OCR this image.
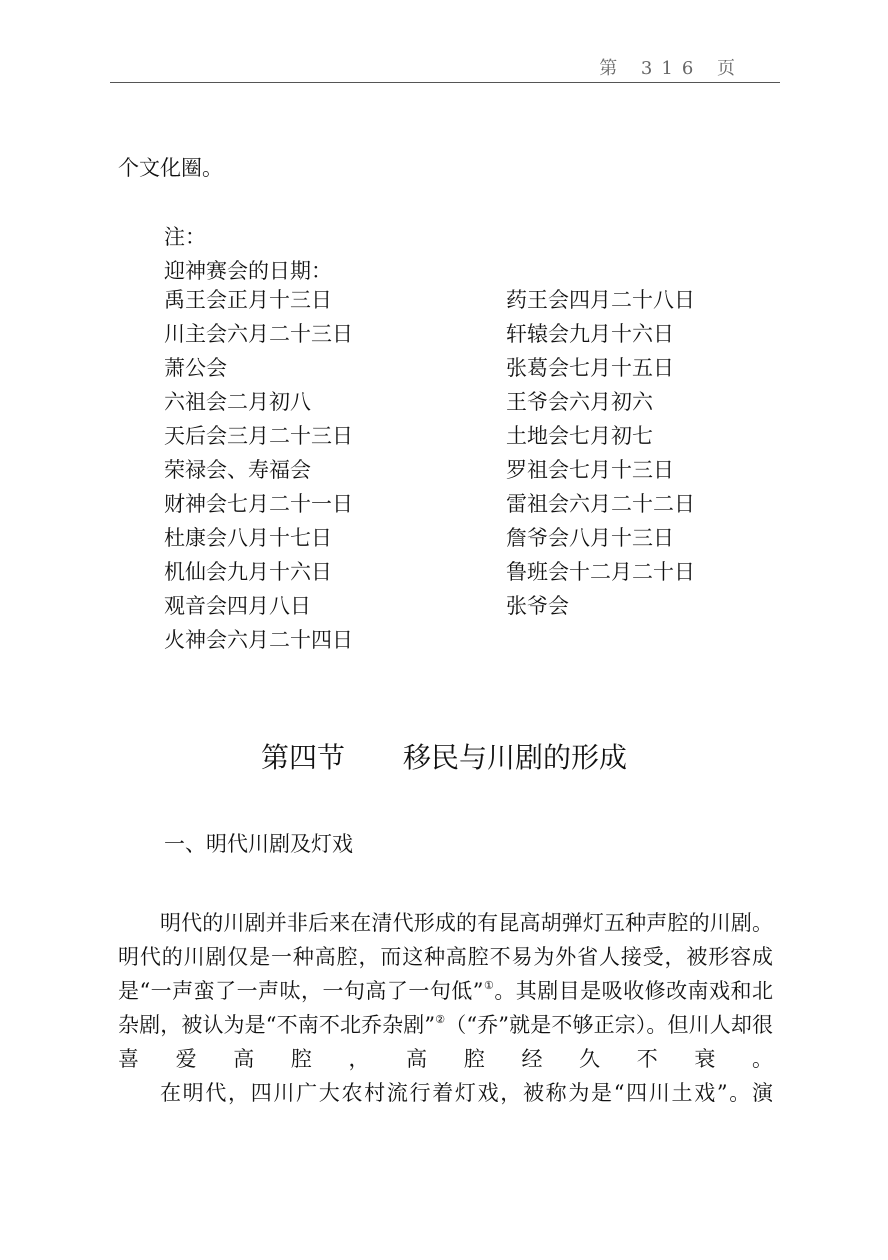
第 316 页
个文化圈。
注：
迎神赛会的日期：
禹王会正月十三日
川主会六月二十三日
萧公会
六祖会二月初八
天后会三月二十三日
荣禄会、寿福会
财神会七月二十一日
杜康会八月十七日
机仙会九月十六日
观音会四月八日
火神会六月二十四日
药王会四月二十八日
轩辕会九月十六日
张葛会七月十五日
王爷会六月初六
土地会七月初七
罗祖会七月十三日
雷祖会六月二十二日
詹爷会八月十三日
鲁班会十二月二十日
张爷会
第四节 移民与川剧的形成
一、明代川剧及灯戏

明代的川剧并非后来在清代形成的有昆高胡弹灯五种声腔的川剧。明代的川剧仅是一种高腔，而这种高腔不易为外省人接受，被形容成是“一声蛮了一声呔，一句高了一句低”①。其剧目是吸收修改南戏和北杂剧，被认为是“不南不北乔杂剧”②（“乔”就是不够正宗）。但川人却很喜爱高腔，高腔经久不衰。

在明代，四川广大农村流行着灯戏，被称为是“四川土戏”。演
